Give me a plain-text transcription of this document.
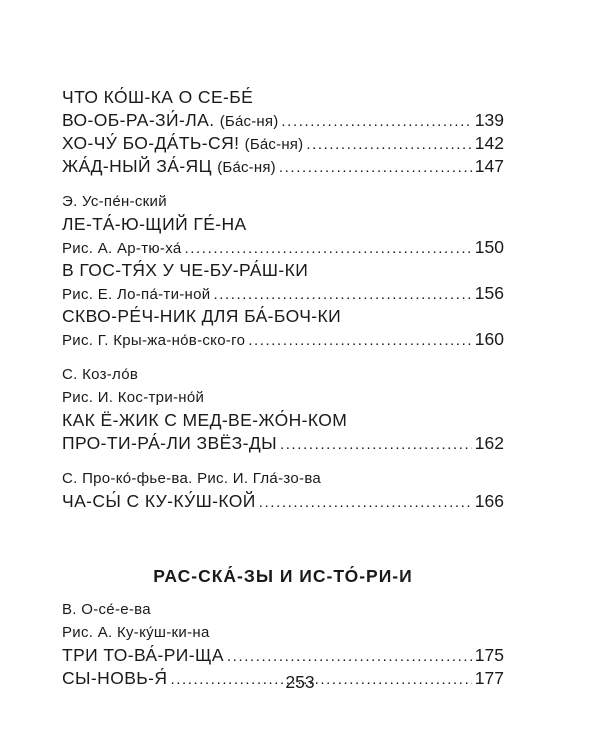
ЧТО КО́Ш-КА О СЕ-БЕ́
ВО-ОБ-РА-ЗИ́-ЛА. (Ба́с-ня) .....	139
ХО-ЧУ́ БО-ДА́ТЬ-СЯ! (Ба́с-ня) .....	142
ЖА́Д-НЫЙ ЗА́-ЯЦ (Ба́с-ня) .....	147
Э. Ус-пе́н-ский
ЛЕ-ТА́-Ю-ЩИЙ ГЕ́-НА
Рис. А. Ар-тю-ха́ .....	150
В ГОС-ТЯ́Х У ЧЕ-БУ-РА́Ш-КИ
Рис. Е. Ло-па́-ти-ной .....	156
СКВО-РЕ́Ч-НИК ДЛЯ БА́-БОЧ-КИ
Рис. Г. Кры-жа-но́в-ско-го .....	160
С. Коз-ло́в
Рис. И. Кос-три-но́й
КАК Ё-ЖИК С МЕД-ВЕ-ЖО́Н-КОМ
ПРО-ТИ-РА́-ЛИ ЗВЁЗ-ДЫ .....	162
С. Про-ко́-фье-ва. Рис. И. Гла́-зо-ва
ЧА-СЫ́ С КУ-КУ́Ш-КОЙ .....	166
РАС-СКА́-ЗЫ И ИС-ТО́-РИ-И
В. О-се́-е-ва
Рис. А. Ку-ку́ш-ки-на
ТРИ ТО-ВА́-РИ-ЩА .....	175
СЫ-НОВЬ-Я́ .....	177
253
